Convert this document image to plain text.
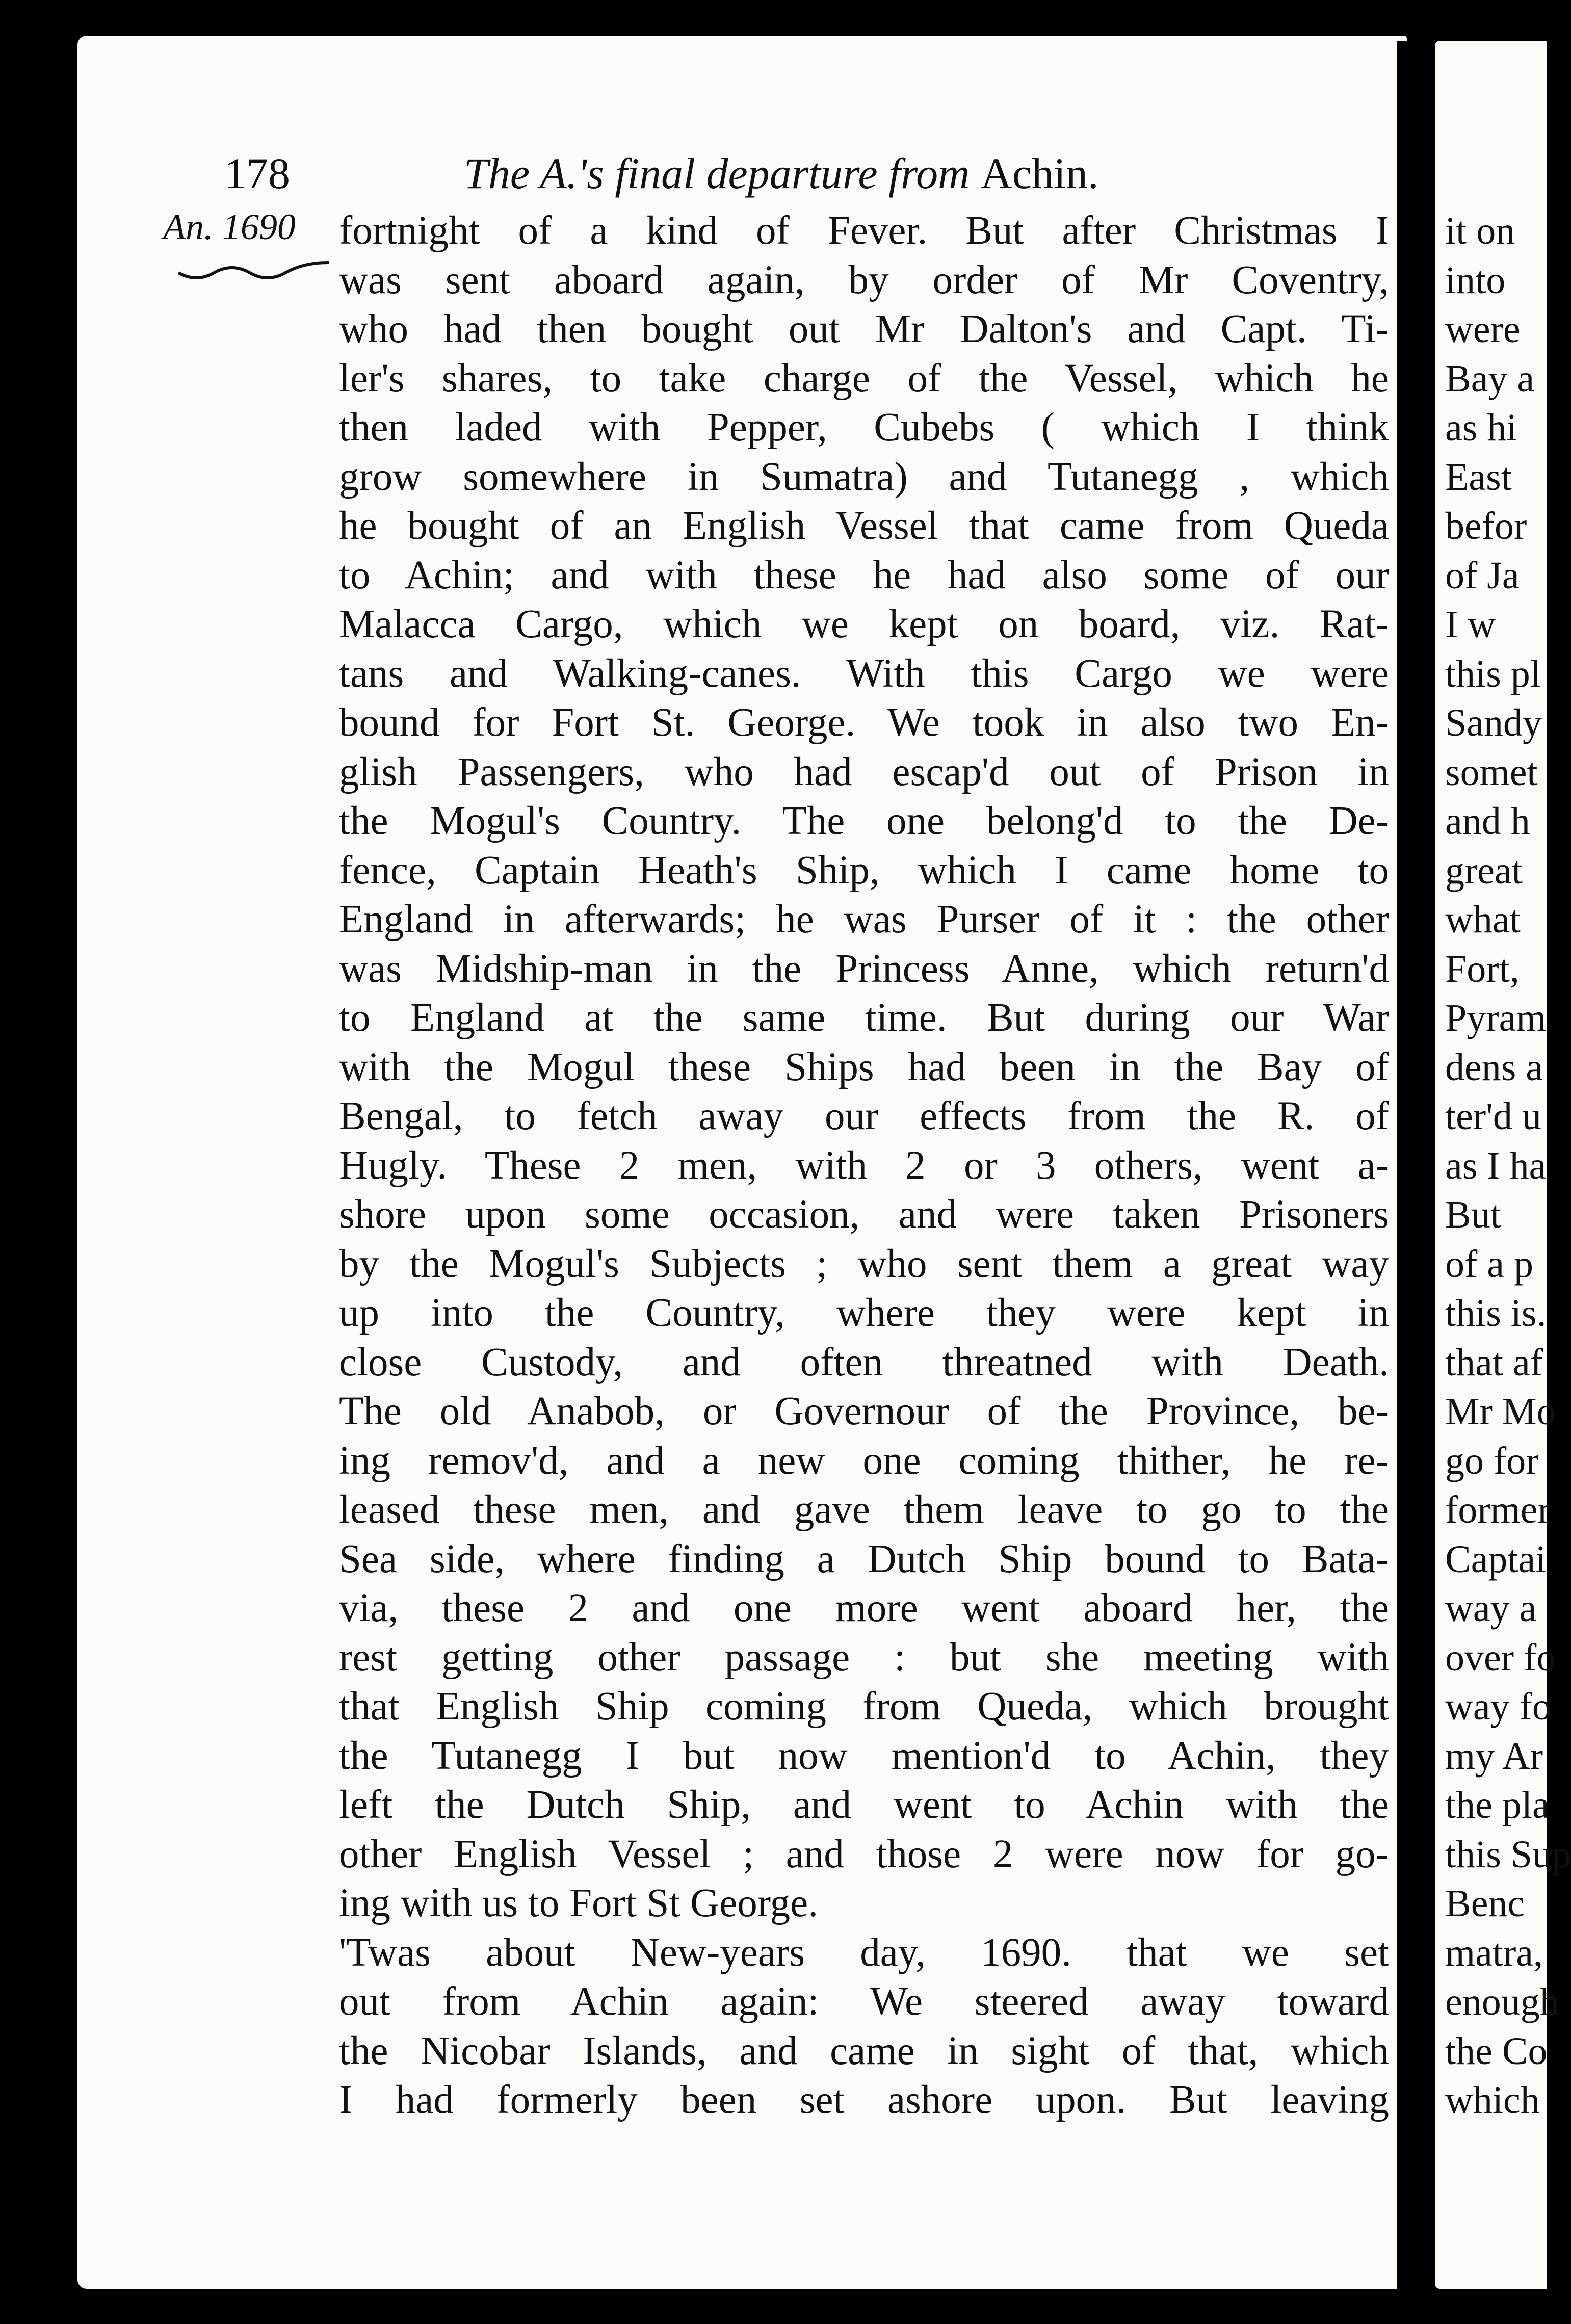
178	The A.'s final departure from Achin.
An. 1690 fortnight of a kind of Fever. But after Christmas I
was sent aboard again, by order of Mr Coventry,
who had then bought out Mr Dalton's and Capt. Ti-
ler's shares, to take charge of the Vessel, which he
then laded with Pepper, Cubebs ( which I think
grow somewhere in Sumatra) and Tutanegg , which
he bought of an English Vessel that came from Queda
to Achin; and with these he had also some of our
Malacca Cargo, which we kept on board, viz. Rat-
tans and Walking-canes. With this Cargo we were
bound for Fort St. George. We took in also two En-
glish Passengers, who had escap'd out of Prison in
the Mogul's Country. The one belong'd to the De-
fence, Captain Heath's Ship, which I came home to
England in afterwards; he was Purser of it : the other
was Midship-man in the Princess Anne, which return'd
to England at the same time. But during our War
with the Mogul these Ships had been in the Bay of
Bengal, to fetch away our effects from the R. of
Hugly. These 2 men, with 2 or 3 others, went a-
shore upon some occasion, and were taken Prisoners
by the Mogul's Subjects ; who sent them a great way
up into the Country, where they were kept in
close Custody, and often threatned with Death.
The old Anabob, or Governour of the Province, be-
ing remov'd, and a new one coming thither, he re-
leased these men, and gave them leave to go to the
Sea side, where finding a Dutch Ship bound to Bata-
via, these 2 and one more went aboard her, the
rest getting other passage : but she meeting with
that English Ship coming from Queda, which brought
the Tutanegg I but now mention'd to Achin, they
left the Dutch Ship, and went to Achin with the
other English Vessel ; and those 2 were now for go-
ing with us to Fort St George.
'Twas about New-years day, 1690. that we set
out from Achin again: We steered away toward
the Nicobar Islands, and came in sight of that, which
I had formerly been set ashore upon. But leaving
it on
into
were
Bay a
as hi
East
befor
of Ja
I w
this pl
Sandy
somet
and h
great
what
Fort,
Pyram
dens a
ter'd u
as I ha
But
of a p
this is.
that af
Mr Mo
go for
former
Captai
way a
over fo
way fo
my Ar
the pla
this Sup
Benc
matra,
enough
the Co
which
